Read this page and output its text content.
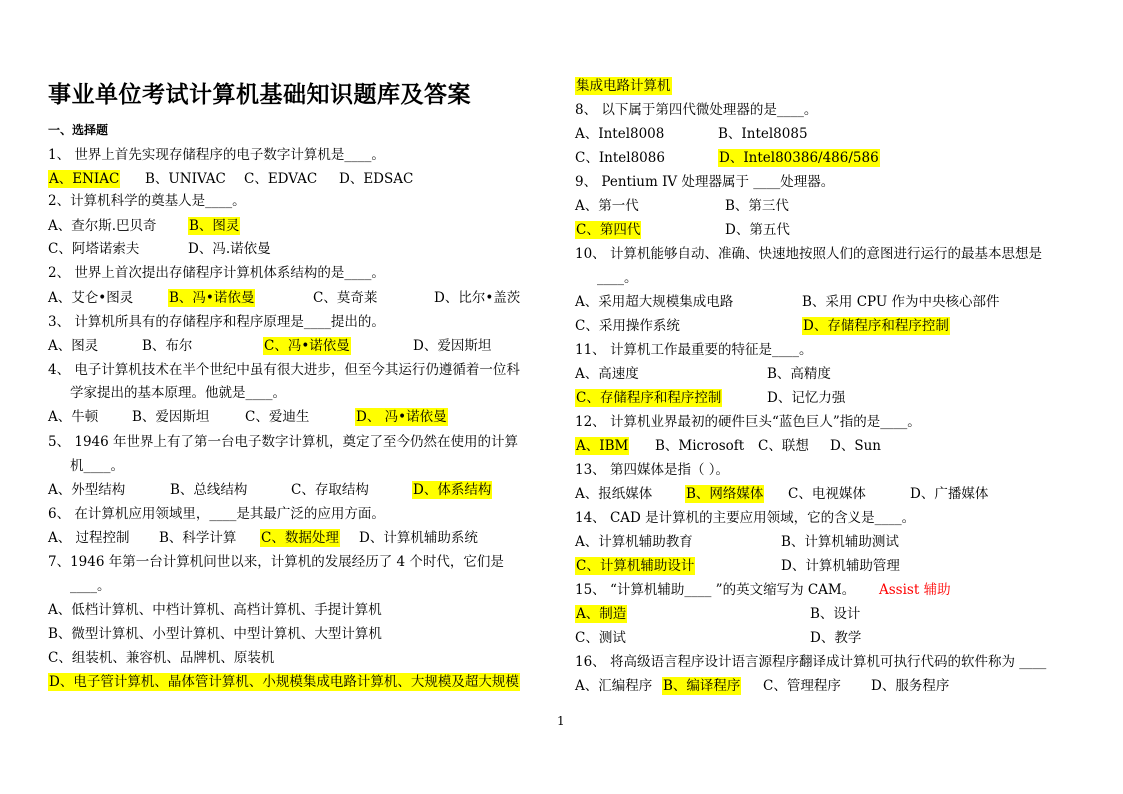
事业单位考试计算机基础知识题库及答案
一、选择题
1、 世界上首先实现存储程序的电子数字计算机是____。
A、ENIAC B、UNIVAC C、EDVAC D、EDSAC
2、计算机科学的奠基人是____。
A、查尔斯.巴贝奇 B、图灵
C、阿塔诺索夫	D、冯.诺依曼
2、 世界上首次提出存储程序计算机体系结构的是____。
A、艾仑•图灵	B、冯•诺依曼	C、莫奇莱	D、比尔•盖茨
3、 计算机所具有的存储程序和程序原理是____提出的。
A、图灵	B、布尔	C、冯•诺依曼	D、爱因斯坦
4、 电子计算机技术在半个世纪中虽有很大进步，但至今其运行仍遵循着一位科
学家提出的基本原理。他就是____。
A、牛顿	B、爱因斯坦	C、爱迪生	D、 冯•诺依曼
5、 1946 年世界上有了第一台电子数字计算机，奠定了至今仍然在使用的计算
机____。
A、外型结构	B、总线结构	C、存取结构	D、体系结构
6、 在计算机应用领域里，____是其最广泛的应用方面。
A、 过程控制 B、科学计算 C、数据处理 D、计算机辅助系统
7、1946 年第一台计算机问世以来，计算机的发展经历了 4 个时代，它们是
____。
A、低档计算机、中档计算机、高档计算机、手提计算机
B、微型计算机、小型计算机、中型计算机、大型计算机
C、组装机、兼容机、品牌机、原装机
D、电子管计算机、晶体管计算机、小规模集成电路计算机、大规模及超大规模
集成电路计算机
8、 以下属于第四代微处理器的是____。
A、Intel8008	B、Intel8085
C、Intel8086	D、Intel80386/486/586
9、 Pentium IV 处理器属于 ____处理器。
A、第一代	B、第三代
C、第四代	D、第五代
10、 计算机能够自动、准确、快速地按照人们的意图进行运行的最基本思想是
____。
A、采用超大规模集成电路	B、采用 CPU 作为中央核心部件
C、采用操作系统	D、存储程序和程序控制
11、 计算机工作最重要的特征是____。
A、高速度	B、高精度
C、存储程序和程序控制	D、记忆力强
12、 计算机业界最初的硬件巨头“蓝色巨人”指的是____。
A、IBM B、Microsoft C、联想 D、Sun
13、 第四媒体是指（ ）。
A、报纸媒体	B、网络媒体 C、电视媒体	D、广播媒体
14、 CAD 是计算机的主要应用领域，它的含义是____。
A、计算机辅助教育	B、计算机辅助测试
C、计算机辅助设计	D、计算机辅助管理
15、 “计算机辅助____ ”的英文缩写为 CAM。 Assist 辅助
A、制造	B、设计
C、测试	D、教学
16、 将高级语言程序设计语言源程序翻译成计算机可执行代码的软件称为 ____
A、汇编程序 B、编译程序 C、管理程序 D、服务程序
1
